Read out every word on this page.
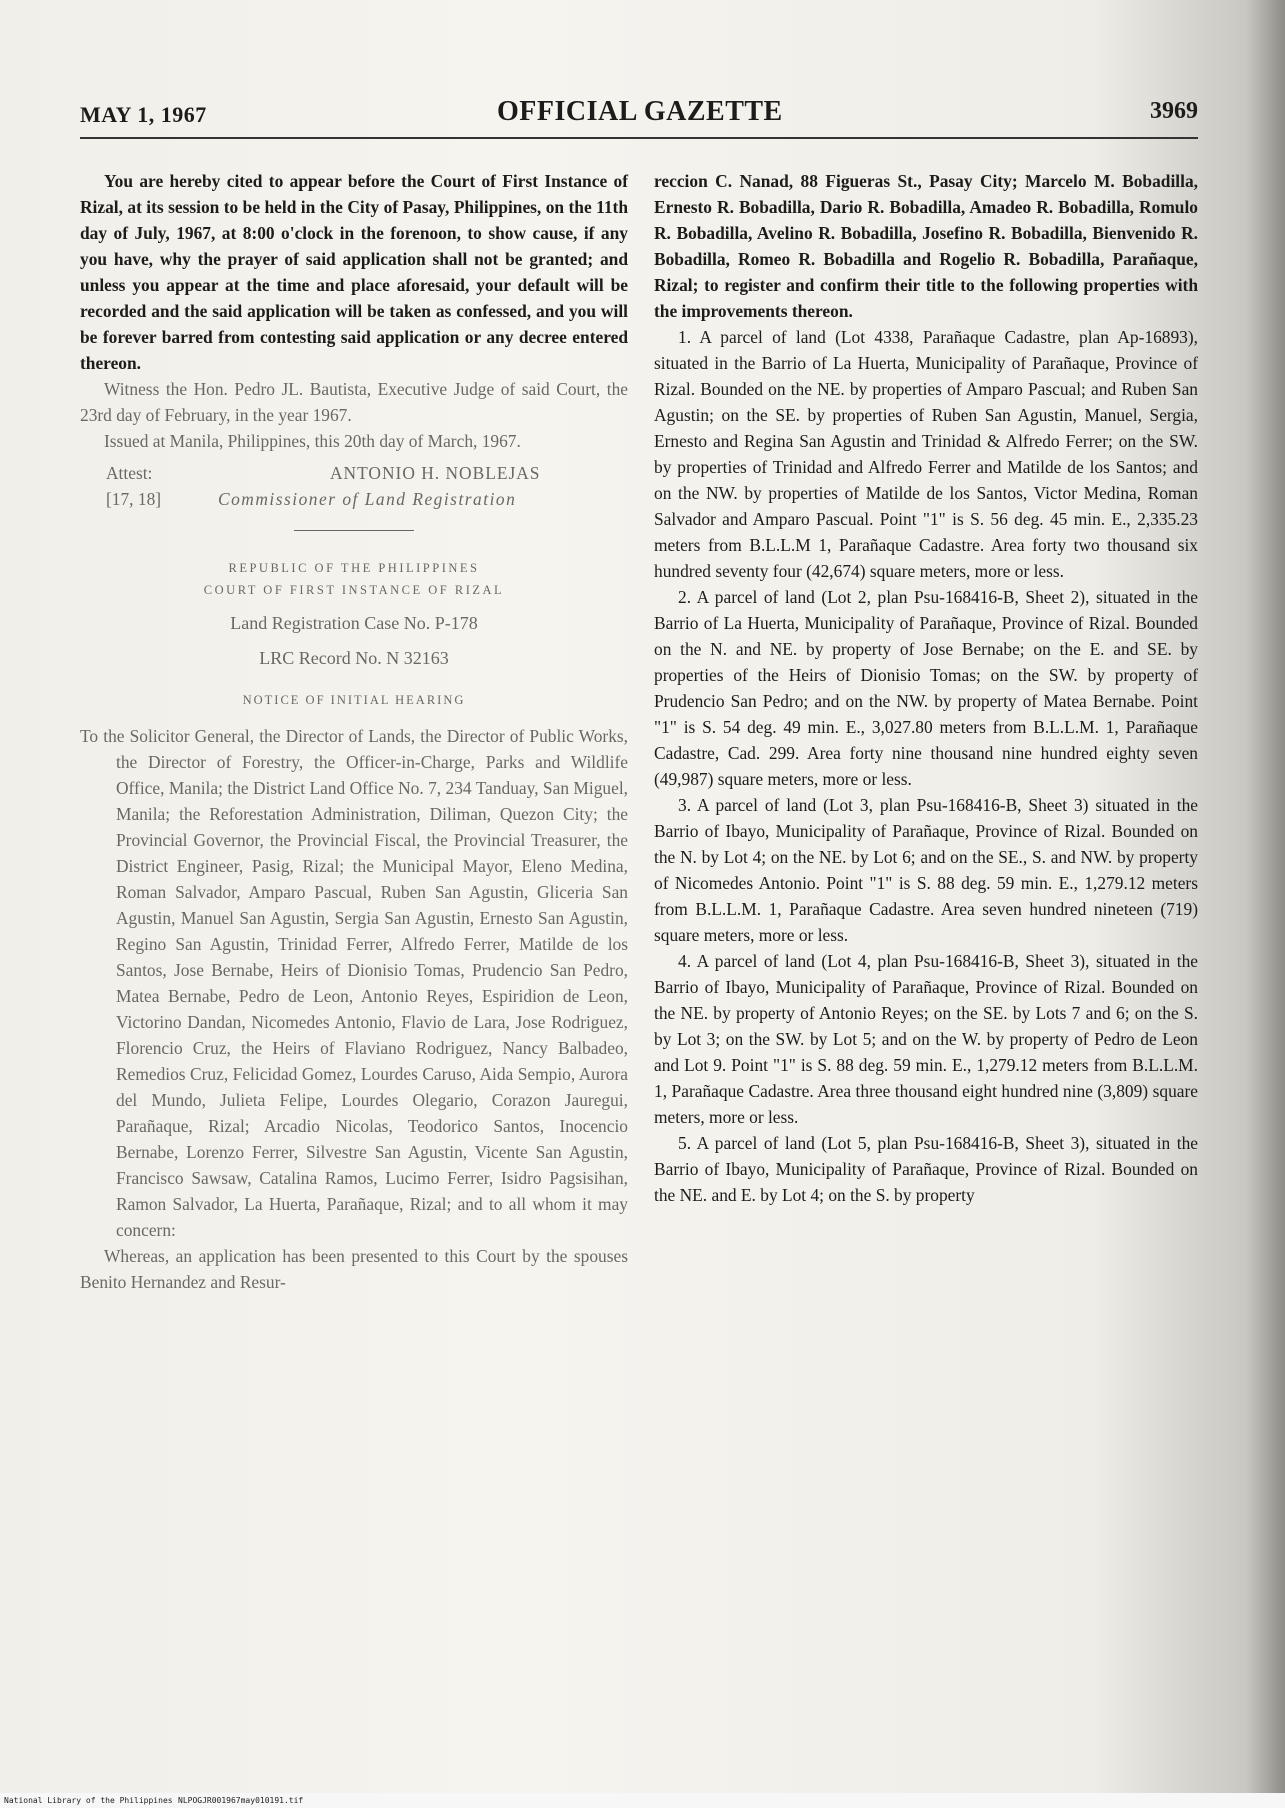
MAY 1, 1967	OFFICIAL GAZETTE	3969

You are hereby cited to appear before the Court of First Instance of Rizal, at its session to be held in the City of Pasay, Philippines, on the 11th day of July, 1967, at 8:00 o'clock in the forenoon, to show cause, if any you have, why the prayer of said application shall not be granted; and unless you appear at the time and place aforesaid, your default will be recorded and the said application will be taken as confessed, and you will be forever barred from contesting said application or any decree entered thereon.

Witness the Hon. Pedro JL. Bautista, Executive Judge of said Court, the 23rd day of February, in the year 1967.

Issued at Manila, Philippines, this 20th day of March, 1967.

Attest:	ANTONIO H. NOBLEJAS
[17, 18]	Commissioner of Land Registration

REPUBLIC OF THE PHILIPPINES

COURT OF FIRST INSTANCE OF RIZAL

Land Registration Case No. P-178

LRC Record No. N 32163

NOTICE OF INITIAL HEARING

To the Solicitor General, the Director of Lands, the Director of Public Works, the Director of Forestry, the Officer-in-Charge, Parks and Wildlife Office, Manila; the District Land Office No. 7, 234 Tanduay, San Miguel, Manila; the Reforestation Administration, Diliman, Quezon City; the Provincial Governor, the Provincial Fiscal, the Provincial Treasurer, the District Engineer, Pasig, Rizal; the Municipal Mayor, Eleno Medina, Roman Salvador, Amparo Pascual, Ruben San Agustin, Gliceria San Agustin, Manuel San Agustin, Sergia San Agustin, Ernesto San Agustin, Regino San Agustin, Trinidad Ferrer, Alfredo Ferrer, Matilde de los Santos, Jose Bernabe, Heirs of Dionisio Tomas, Prudencio San Pedro, Matea Bernabe, Pedro de Leon, Antonio Reyes, Espiridion de Leon, Victorino Dandan, Nicomedes Antonio, Flavio de Lara, Jose Rodriguez, Florencio Cruz, the Heirs of Flaviano Rodriguez, Nancy Balbadeo, Remedios Cruz, Felicidad Gomez, Lourdes Caruso, Aida Sempio, Aurora del Mundo, Julieta Felipe, Lourdes Olegario, Corazon Jauregui, Parañaque, Rizal; Arcadio Nicolas, Teodorico Santos, Inocencio Bernabe, Lorenzo Ferrer, Silvestre San Agustin, Vicente San Agustin, Francisco Sawsaw, Catalina Ramos, Lucimo Ferrer, Isidro Pagsisihan, Ramon Salvador, La Huerta, Parañaque, Rizal; and to all whom it may concern:

Whereas, an application has been presented to this Court by the spouses Benito Hernandez and Resur-

reccion C. Nanad, 88 Figueras St., Pasay City; Marcelo M. Bobadilla, Ernesto R. Bobadilla, Dario R. Bobadilla, Amadeo R. Bobadilla, Romulo R. Bobadilla, Avelino R. Bobadilla, Josefino R. Bobadilla, Bienvenido R. Bobadilla, Romeo R. Bobadilla and Rogelio R. Bobadilla, Parañaque, Rizal; to register and confirm their title to the following properties with the improvements thereon.

1. A parcel of land (Lot 4338, Parañaque Cadastre, plan Ap-16893), situated in the Barrio of La Huerta, Municipality of Parañaque, Province of Rizal. Bounded on the NE. by properties of Amparo Pascual; and Ruben San Agustin; on the SE. by properties of Ruben San Agustin, Manuel, Sergia, Ernesto and Regina San Agustin and Trinidad & Alfredo Ferrer; on the SW. by properties of Trinidad and Alfredo Ferrer and Matilde de los Santos; and on the NW. by properties of Matilde de los Santos, Victor Medina, Roman Salvador and Amparo Pascual. Point "1" is S. 56 deg. 45 min. E., 2,335.23 meters from B.L.L.M 1, Parañaque Cadastre. Area forty two thousand six hundred seventy four (42,674) square meters, more or less.

2. A parcel of land (Lot 2, plan Psu-168416-B, Sheet 2), situated in the Barrio of La Huerta, Municipality of Parañaque, Province of Rizal. Bounded on the N. and NE. by property of Jose Bernabe; on the E. and SE. by properties of the Heirs of Dionisio Tomas; on the SW. by property of Prudencio San Pedro; and on the NW. by property of Matea Bernabe. Point "1" is S. 54 deg. 49 min. E., 3,027.80 meters from B.L.L.M. 1, Parañaque Cadastre, Cad. 299. Area forty nine thousand nine hundred eighty seven (49,987) square meters, more or less.

3. A parcel of land (Lot 3, plan Psu-168416-B, Sheet 3) situated in the Barrio of Ibayo, Municipality of Parañaque, Province of Rizal. Bounded on the N. by Lot 4; on the NE. by Lot 6; and on the SE., S. and NW. by property of Nicomedes Antonio. Point "1" is S. 88 deg. 59 min. E., 1,279.12 meters from B.L.L.M. 1, Parañaque Cadastre. Area seven hundred nineteen (719) square meters, more or less.

4. A parcel of land (Lot 4, plan Psu-168416-B, Sheet 3), situated in the Barrio of Ibayo, Municipality of Parañaque, Province of Rizal. Bounded on the NE. by property of Antonio Reyes; on the SE. by Lots 7 and 6; on the S. by Lot 3; on the SW. by Lot 5; and on the W. by property of Pedro de Leon and Lot 9. Point "1" is S. 88 deg. 59 min. E., 1,279.12 meters from B.L.L.M. 1, Parañaque Cadastre. Area three thousand eight hundred nine (3,809) square meters, more or less.

5. A parcel of land (Lot 5, plan Psu-168416-B, Sheet 3), situated in the Barrio of Ibayo, Municipality of Parañaque, Province of Rizal. Bounded on the NE. and E. by Lot 4; on the S. by property

National Library of the Philippines NLPOGJR001967may010191.tif
